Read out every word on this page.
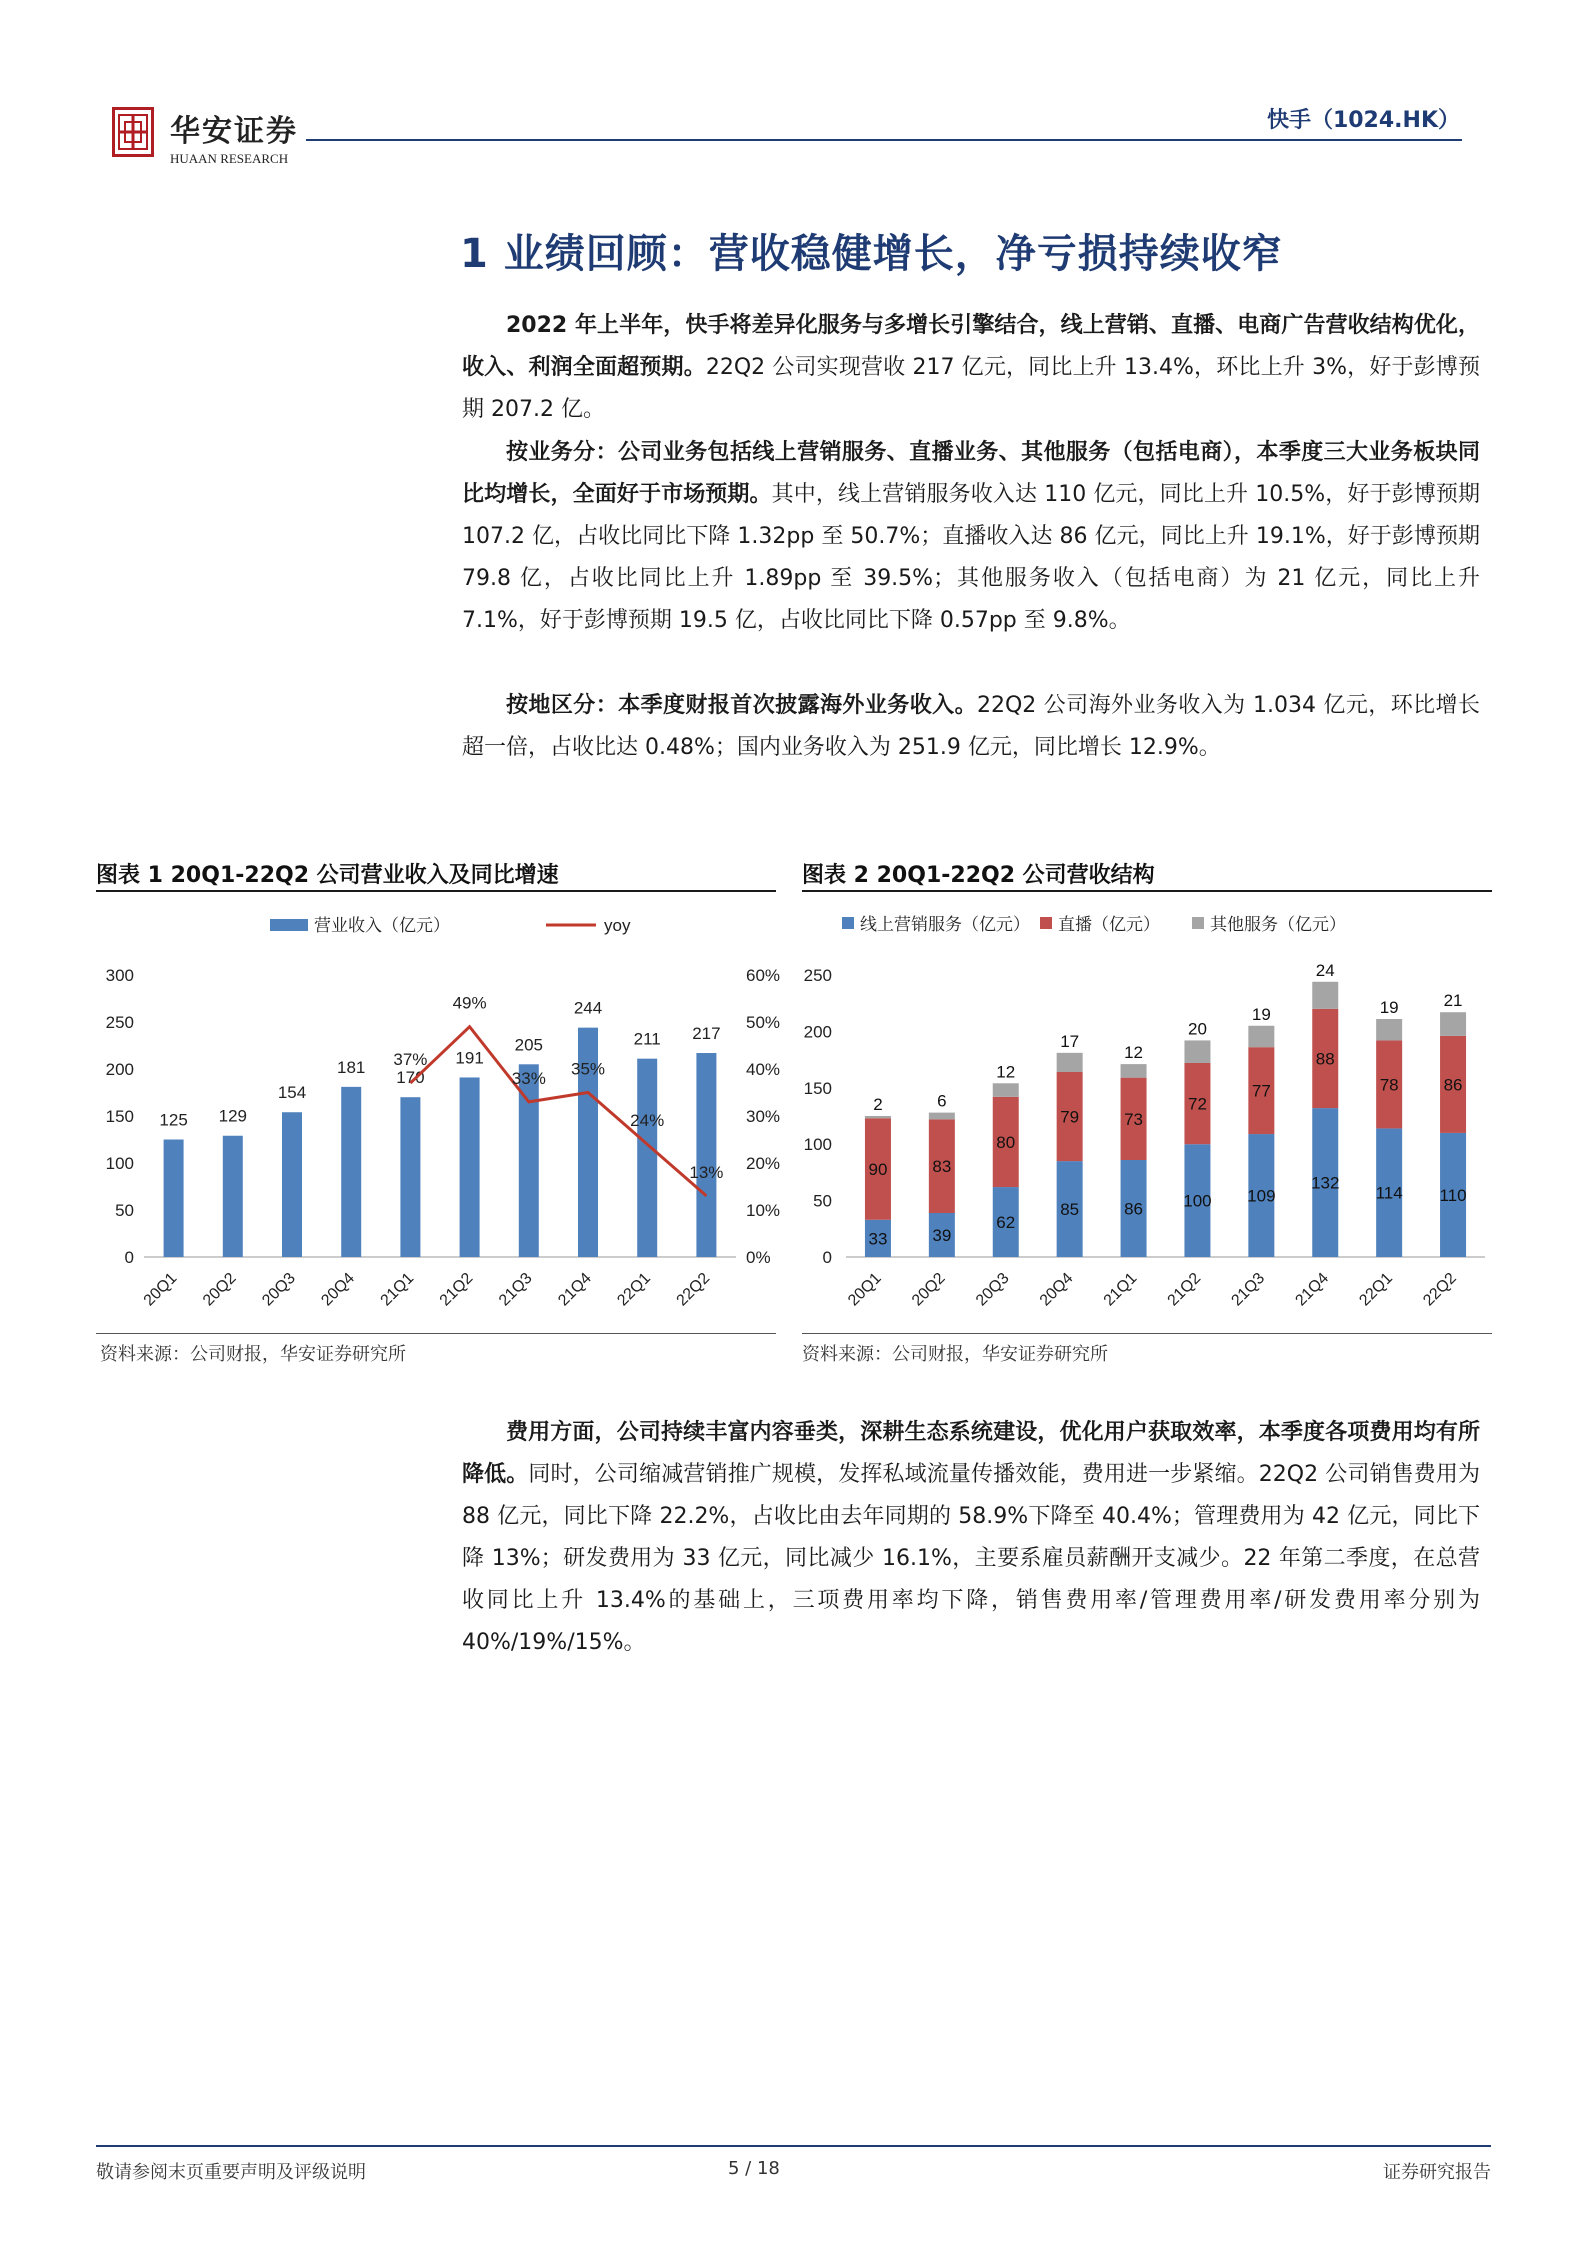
华安证券
HUAAN RESEARCH
快手（1024.HK）
1 业绩回顾：营收稳健增长，净亏损持续收窄
2022 年上半年，快手将差异化服务与多增长引擎结合，线上营销、直播、电商广告营收结构优化，收入、利润全面超预期。22Q2 公司实现营收 217 亿元，同比上升 13.4%，环比上升 3%，好于彭博预期 207.2 亿。
按业务分：公司业务包括线上营销服务、直播业务、其他服务（包括电商），本季度三大业务板块同比均增长，全面好于市场预期。其中，线上营销服务收入达 110 亿元，同比上升 10.5%，好于彭博预期 107.2 亿，占收比同比下降 1.32pp 至 50.7%；直播收入达 86 亿元，同比上升 19.1%，好于彭博预期 79.8 亿，占收比同比上升 1.89pp 至 39.5%；其他服务收入（包括电商）为 21 亿元，同比上升 7.1%，好于彭博预期 19.5 亿，占收比同比下降 0.57pp 至 9.8%。
按地区分：本季度财报首次披露海外业务收入。22Q2 公司海外业务收入为 1.034 亿元，环比增长超一倍，占收比达 0.48%；国内业务收入为 251.9 亿元，同比增长 12.9%。
图表 1 20Q1-22Q2 公司营业收入及同比增速	图表 2 20Q1-22Q2 公司营收结构
营业收入（亿元）	yoy
0
50
100
150
200
250
300
0%
10%
20%
30%
40%
50%
60%
125
20Q1
129
20Q2
154
20Q3
181
20Q4
170
21Q1
191
21Q2
205
21Q3
244
21Q4
211
22Q1
217
22Q2
37%
49%
33% 35%
24%
13%
线上营销服务（亿元） 直播（亿元）	其他服务（亿元）
0
50
100
150
200
250
33
90
2
20Q1
39
83
6
20Q2
62
80
12
20Q3
85
79
17
20Q4
86
73
12
21Q1
100
72
20
21Q2
109
77
19
21Q3
132
88
24
21Q4
114
78
19
22Q1
110
86
21
22Q2
资料来源：公司财报，华安证券研究所	资料来源：公司财报，华安证券研究所
费用方面，公司持续丰富内容垂类，深耕生态系统建设，优化用户获取效率，本季度各项费用均有所降低。同时，公司缩减营销推广规模，发挥私域流量传播效能，费用进一步紧缩。22Q2 公司销售费用为 88 亿元，同比下降 22.2%，占收比由去年同期的 58.9%下降至 40.4%；管理费用为 42 亿元，同比下降 13%；研发费用为 33 亿元，同比减少 16.1%，主要系雇员薪酬开支减少。22 年第二季度，在总营收同比上升 13.4%的基础上，三项费用率均下降，销售费用率/管理费用率/研发费用率分别为 40%/19%/15%。
敬请参阅末页重要声明及评级说明	5 / 18	证券研究报告
